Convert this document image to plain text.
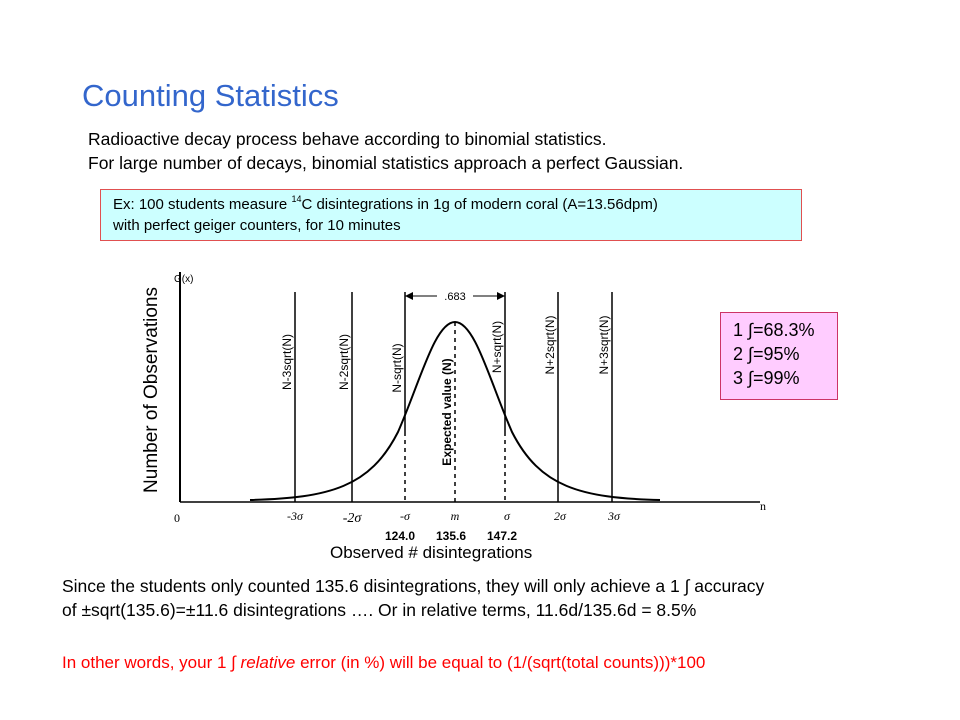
Counting Statistics
Radioactive decay process behave according to binomial statistics.
For large number of decays, binomial statistics approach a perfect Gaussian.
Ex: 100 students measure $^{14}$C disintegrations in 1g of modern coral (A=13.56dpm)
with perfect geiger counters, for 10 minutes
G(x)
0
n
.683
N-3sqrt(N)	N-2sqrt(N)	N-sqrt(N)	Expected value (N)
N+sqrt(N)	N+2sqrt(N)	N+3sqrt(N)
-3σ	-2σ	-σ	m	σ	2σ	3σ
Number of Observations
124.0 135.6 147.2
Observed # disintegrations
1 ∫=68.3%
2 ∫=95%
3 ∫=99%
Since the students only counted 135.6 disintegrations, they will only achieve a 1 ∫ accuracy
of ±sqrt(135.6)=±11.6 disintegrations …. Or in relative terms, 11.6d/135.6d = 8.5%
In other words, your 1 ∫ relative error (in %) will be equal to (1/(sqrt(total counts)))*100
